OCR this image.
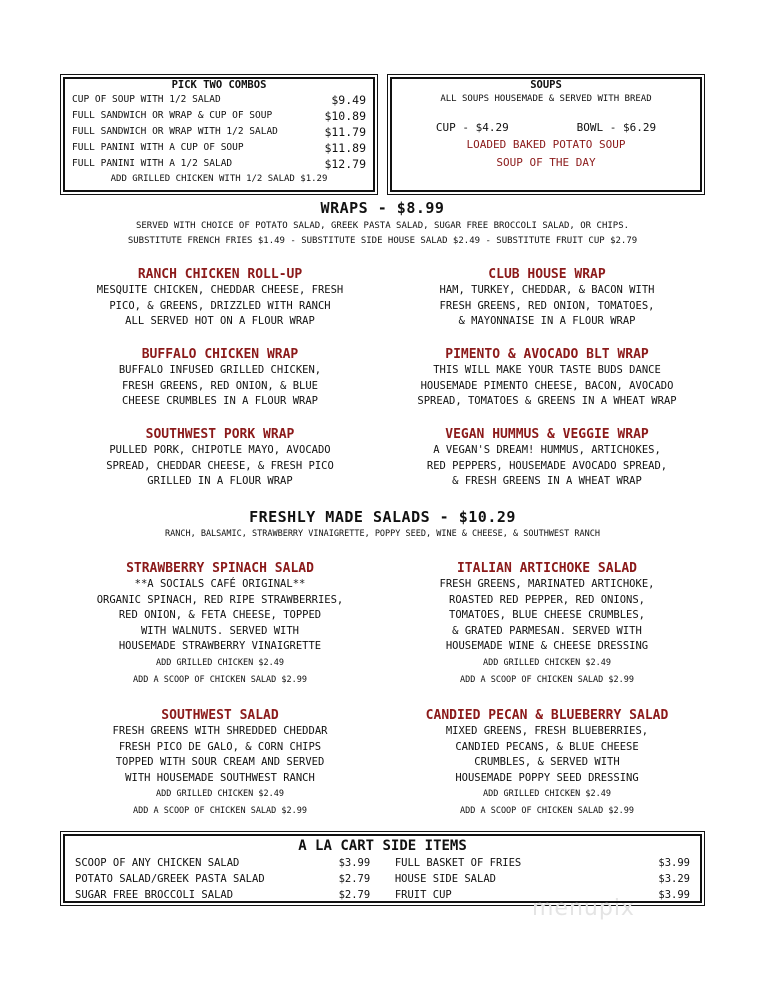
PICK TWO COMBOS
CUP OF SOUP WITH 1/2 SALAD	$9.49
FULL SANDWICH OR WRAP & CUP OF SOUP	$10.89
FULL SANDWICH OR WRAP WITH 1/2 SALAD	$11.79
FULL PANINI WITH A CUP OF SOUP	$11.89
FULL PANINI WITH A 1/2 SALAD	$12.79
ADD GRILLED CHICKEN WITH 1/2 SALAD $1.29
SOUPS
ALL SOUPS HOUSEMADE & SERVED WITH BREAD
CUP - $4.29	BOWL - $6.29
LOADED BAKED POTATO SOUP
SOUP OF THE DAY
WRAPS - $8.99
SERVED WITH CHOICE OF POTATO SALAD, GREEK PASTA SALAD, SUGAR FREE BROCCOLI SALAD, OR CHIPS.
SUBSTITUTE FRENCH FRIES $1.49 - SUBSTITUTE SIDE HOUSE SALAD $2.49 - SUBSTITUTE FRUIT CUP $2.79
RANCH CHICKEN ROLL-UP
MESQUITE CHICKEN, CHEDDAR CHEESE, FRESH
PICO, & GREENS, DRIZZLED WITH RANCH
ALL SERVED HOT ON A FLOUR WRAP
CLUB HOUSE WRAP
HAM, TURKEY, CHEDDAR, & BACON WITH
FRESH GREENS, RED ONION, TOMATOES,
& MAYONNAISE IN A FLOUR WRAP
BUFFALO CHICKEN WRAP
BUFFALO INFUSED GRILLED CHICKEN,
FRESH GREENS, RED ONION, & BLUE
CHEESE CRUMBLES IN A FLOUR WRAP
PIMENTO & AVOCADO BLT WRAP
THIS WILL MAKE YOUR TASTE BUDS DANCE
HOUSEMADE PIMENTO CHEESE, BACON, AVOCADO
SPREAD, TOMATOES & GREENS IN A WHEAT WRAP
SOUTHWEST PORK WRAP
PULLED PORK, CHIPOTLE MAYO, AVOCADO
SPREAD, CHEDDAR CHEESE, & FRESH PICO
GRILLED IN A FLOUR WRAP
VEGAN HUMMUS & VEGGIE WRAP
A VEGAN'S DREAM! HUMMUS, ARTICHOKES,
RED PEPPERS, HOUSEMADE AVOCADO SPREAD,
& FRESH GREENS IN A WHEAT WRAP
FRESHLY MADE SALADS - $10.29
RANCH, BALSAMIC, STRAWBERRY VINAIGRETTE, POPPY SEED, WINE & CHEESE, & SOUTHWEST RANCH
STRAWBERRY SPINACH SALAD
**A SOCIALS CAFÉ ORIGINAL**
ORGANIC SPINACH, RED RIPE STRAWBERRIES,
RED ONION, & FETA CHEESE, TOPPED
WITH WALNUTS. SERVED WITH
HOUSEMADE STRAWBERRY VINAIGRETTE
ADD GRILLED CHICKEN $2.49
ADD A SCOOP OF CHICKEN SALAD $2.99
ITALIAN ARTICHOKE SALAD
FRESH GREENS, MARINATED ARTICHOKE,
ROASTED RED PEPPER, RED ONIONS,
TOMATOES, BLUE CHEESE CRUMBLES,
& GRATED PARMESAN. SERVED WITH
HOUSEMADE WINE & CHEESE DRESSING
ADD GRILLED CHICKEN $2.49
ADD A SCOOP OF CHICKEN SALAD $2.99
SOUTHWEST SALAD
FRESH GREENS WITH SHREDDED CHEDDAR
FRESH PICO DE GALO, & CORN CHIPS
TOPPED WITH SOUR CREAM AND SERVED
WITH HOUSEMADE SOUTHWEST RANCH
ADD GRILLED CHICKEN $2.49
ADD A SCOOP OF CHICKEN SALAD $2.99
CANDIED PECAN & BLUEBERRY SALAD
MIXED GREENS, FRESH BLUEBERRIES,
CANDIED PECANS, & BLUE CHEESE
CRUMBLES, & SERVED WITH
HOUSEMADE POPPY SEED DRESSING
ADD GRILLED CHICKEN $2.49
ADD A SCOOP OF CHICKEN SALAD $2.99
A LA CART SIDE ITEMS
SCOOP OF ANY CHICKEN SALAD	$3.99
POTATO SALAD/GREEK PASTA SALAD	$2.79
SUGAR FREE BROCCOLI SALAD	$2.79
FULL BASKET OF FRIES	$3.99
HOUSE SIDE SALAD	$3.29
FRUIT CUP	$3.99
menupix
